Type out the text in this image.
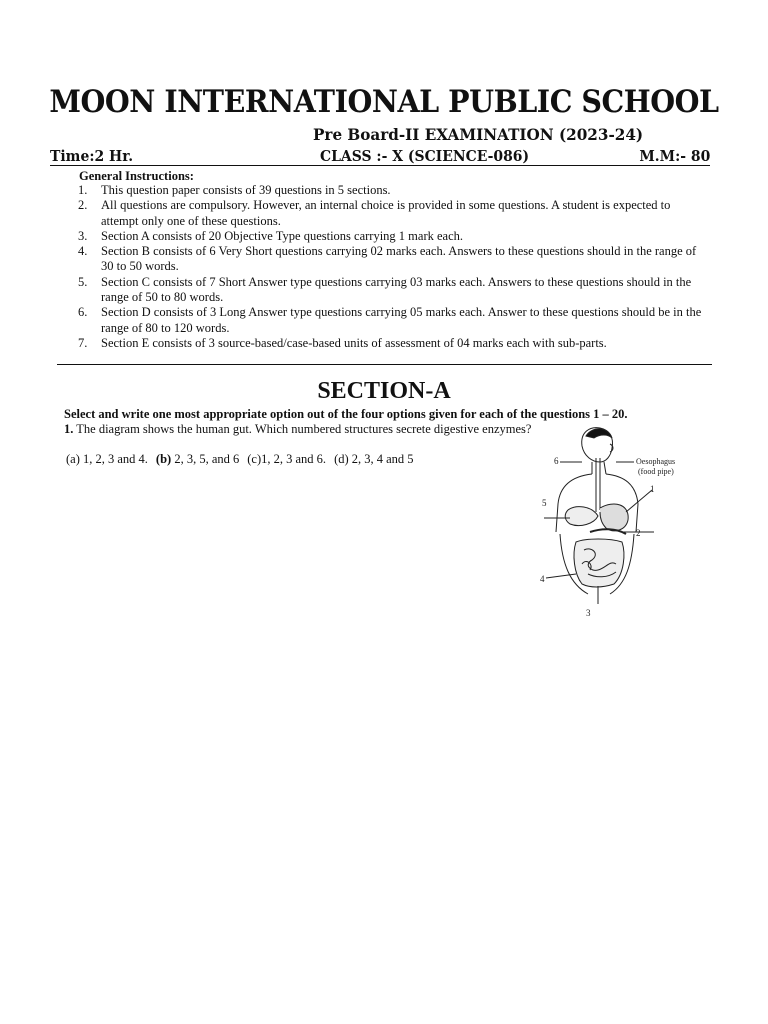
MOON INTERNATIONAL PUBLIC SCHOOL
Pre Board-II EXAMINATION (2023-24)
Time:2 Hr.	CLASS :- X (SCIENCE-086)	M.M:- 80
General Instructions:
1. This question paper consists of 39 questions in 5 sections.
2. All questions are compulsory. However, an internal choice is provided in some questions. A student is expected to attempt only one of these questions.
3. Section A consists of 20 Objective Type questions carrying 1 mark each.
4. Section B consists of 6 Very Short questions carrying 02 marks each. Answers to these questions should in the range of 30 to 50 words.
5. Section C consists of 7 Short Answer type questions carrying 03 marks each. Answers to these questions should in the range of 50 to 80 words.
6. Section D consists of 3 Long Answer type questions carrying 05 marks each. Answer to these questions should be in the range of 80 to 120 words.
7. Section E consists of 3 source-based/case-based units of assessment of 04 marks each with sub-parts.
SECTION-A
Select and write one most appropriate option out of the four options given for each of the questions 1 – 20.
1. The diagram shows the human gut. Which numbered structures secrete digestive enzymes?
(a) 1, 2, 3 and 4. (b) 2, 3, 5, and 6 (c)1, 2, 3 and 6. (d) 2, 3, 4 and 5	6	Oesophagus
(food pipe)
1
2
3
4
5
